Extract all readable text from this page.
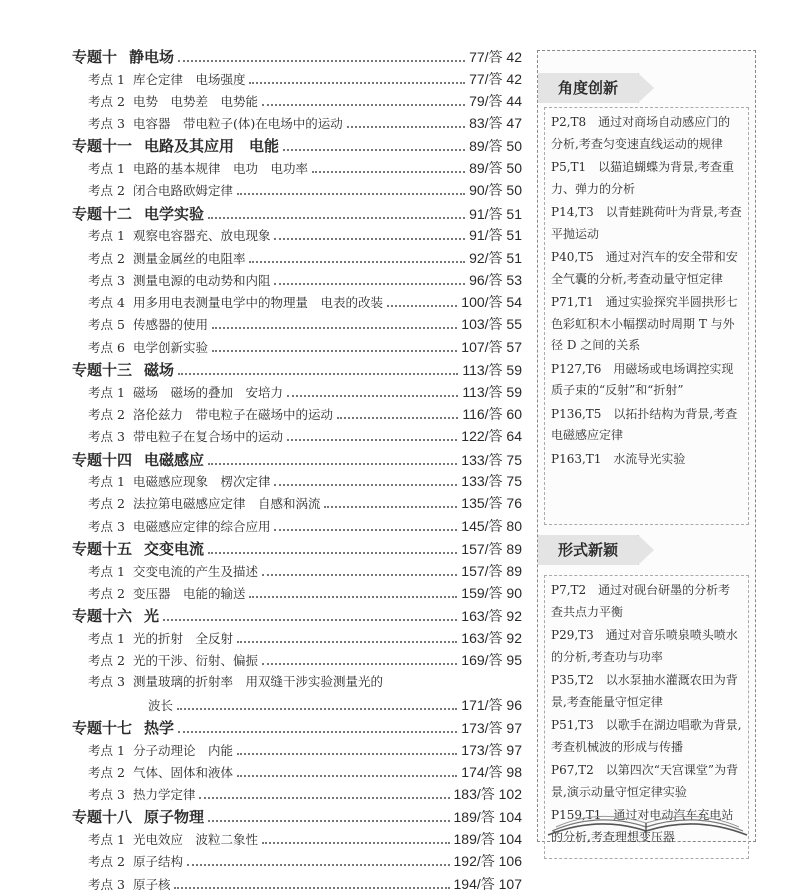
专题十 静电场	77/答 42
考点 1 库仑定律　电场强度	77/答 42
考点 2 电势　电势差　电势能	79/答 44
考点 3 电容器　带电粒子(体)在电场中的运动	83/答 47
专题十一 电路及其应用　电能	89/答 50
考点 1 电路的基本规律　电功　电功率	89/答 50
考点 2 闭合电路欧姆定律	90/答 50
专题十二 电学实验	91/答 51
考点 1 观察电容器充、放电现象	91/答 51
考点 2 测量金属丝的电阻率	92/答 51
考点 3 测量电源的电动势和内阻	96/答 53
考点 4 用多用电表测量电学中的物理量　电表的改装	100/答 54
考点 5 传感器的使用	103/答 55
考点 6 电学创新实验	107/答 57
专题十三 磁场	113/答 59
考点 1 磁场　磁场的叠加　安培力	113/答 59
考点 2 洛伦兹力　带电粒子在磁场中的运动	116/答 60
考点 3 带电粒子在复合场中的运动	122/答 64
专题十四 电磁感应	133/答 75
考点 1 电磁感应现象　楞次定律	133/答 75
考点 2 法拉第电磁感应定律　自感和涡流	135/答 76
考点 3 电磁感应定律的综合应用	145/答 80
专题十五 交变电流	157/答 89
考点 1 交变电流的产生及描述	157/答 89
考点 2 变压器　电能的输送	159/答 90
专题十六 光	163/答 92
考点 1 光的折射　全反射	163/答 92
考点 2 光的干涉、衍射、偏振	169/答 95
考点 3 测量玻璃的折射率　用双缝干涉实验测量光的
波长	171/答 96
专题十七 热学	173/答 97
考点 1 分子动理论　内能	173/答 97
考点 2 气体、固体和液体	174/答 98
考点 3 热力学定律	183/答 102
专题十八 原子物理	189/答 104
考点 1 光电效应　波粒二象性	189/答 104
考点 2 原子结构	192/答 106
考点 3 原子核	194/答 107
角度创新

P2,T8　通过对商场自动感应门的分析,考查匀变速直线运动的规律

P5,T1　以猫追蝴蝶为背景,考查重力、弹力的分析

P14,T3　以青蛙跳荷叶为背景,考查平抛运动

P40,T5　通过对汽车的安全带和安全气囊的分析,考查动量守恒定律

P71,T1　通过实验探究半圆拱形七色彩虹积木小幅摆动时周期 T 与外径 D 之间的关系

P127,T6　用磁场或电场调控实现质子束的“反射”和“折射”

P136,T5　以拓扑结构为背景,考查电磁感应定律

P163,T1　水流导光实验

形式新颖

P7,T2　通过对砚台研墨的分析考查共点力平衡

P29,T3　通过对音乐喷泉喷头喷水的分析,考查功与功率

P35,T2　以水泵抽水灌溉农田为背景,考查能量守恒定律

P51,T3　以歌手在湖边唱歌为背景,考查机械波的形成与传播

P67,T2　以第四次“天宫课堂”为背景,演示动量守恒定律实验

P159,T1　通过对电动汽车充电站的分析,考查理想变压器
